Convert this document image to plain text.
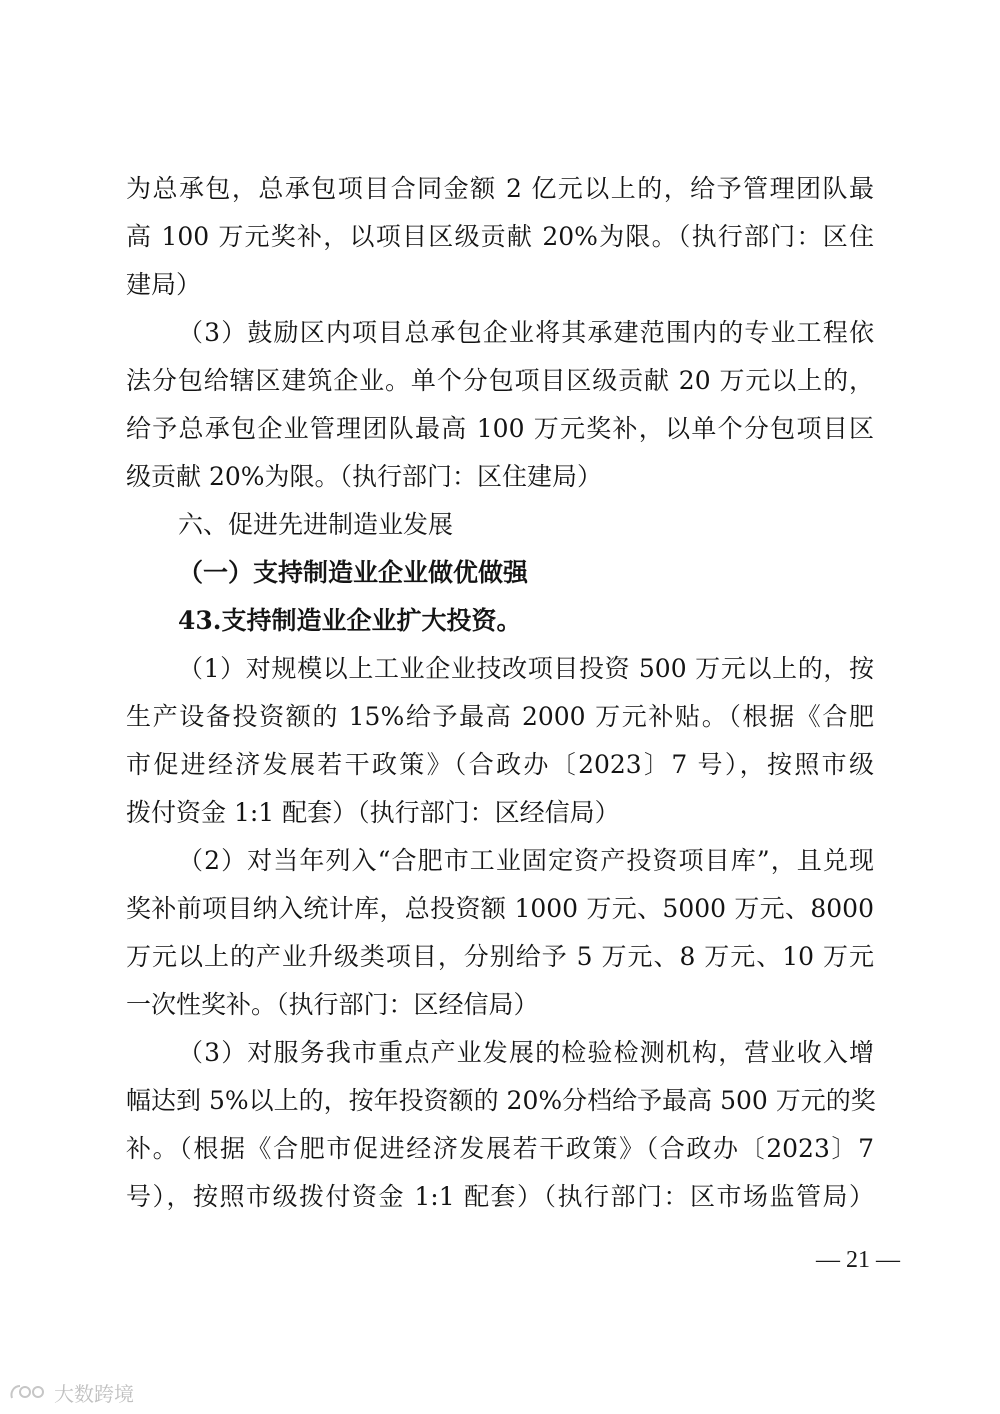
为总承包，总承包项目合同金额 2 亿元以上的，给予管理团队最
高 100 万元奖补，以项目区级贡献 20%为限。（执行部门：区住
建局）
（3）鼓励区内项目总承包企业将其承建范围内的专业工程依
法分包给辖区建筑企业。单个分包项目区级贡献 20 万元以上的，
给予总承包企业管理团队最高 100 万元奖补，以单个分包项目区
级贡献 20%为限。（执行部门：区住建局）
六、促进先进制造业发展
（一）支持制造业企业做优做强
43.支持制造业企业扩大投资。
（1）对规模以上工业企业技改项目投资 500 万元以上的，按
生产设备投资额的 15%给予最高 2000 万元补贴。（根据《合肥
市促进经济发展若干政策》（合政办〔2023〕7 号），按照市级
拨付资金 1:1 配套）（执行部门：区经信局）
（2）对当年列入“合肥市工业固定资产投资项目库”，且兑现
奖补前项目纳入统计库，总投资额 1000 万元、5000 万元、8000
万元以上的产业升级类项目，分别给予 5 万元、8 万元、10 万元
一次性奖补。（执行部门：区经信局）
（3）对服务我市重点产业发展的检验检测机构，营业收入增
幅达到 5%以上的，按年投资额的 20%分档给予最高 500 万元的奖
补。（根据《合肥市促进经济发展若干政策》（合政办〔2023〕7
号），按照市级拨付资金 1:1 配套）（执行部门：区市场监管局）
— 21 —
大数跨境
